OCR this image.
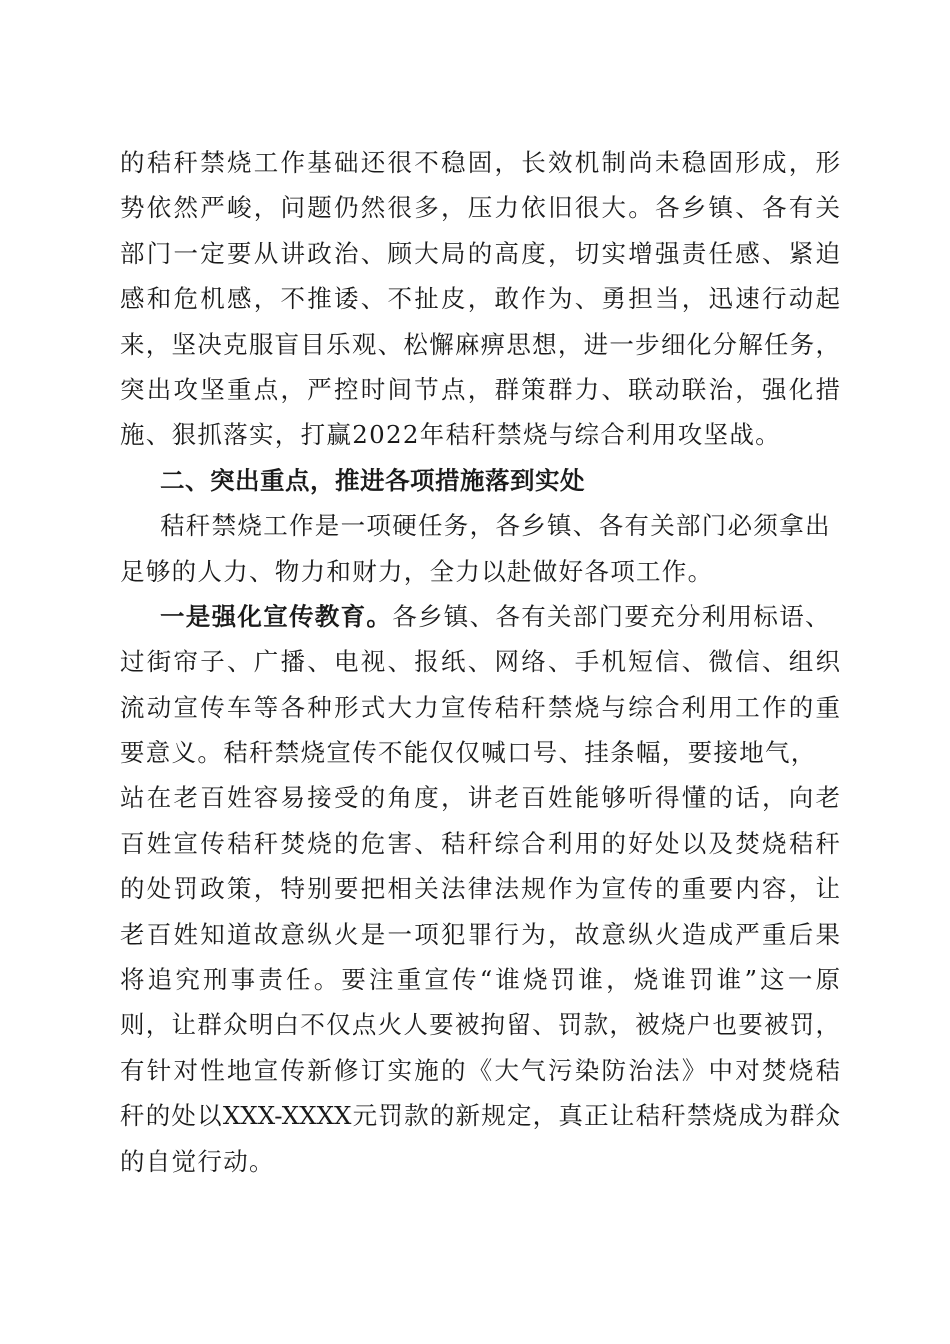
的秸秆禁烧工作基础还很不稳固，长效机制尚未稳固形成，形
势依然严峻，问题仍然很多，压力依旧很大。各乡镇、各有关
部门一定要从讲政治、顾大局的高度，切实增强责任感、紧迫
感和危机感，不推诿、不扯皮，敢作为、勇担当，迅速行动起
来，坚决克服盲目乐观、松懈麻痹思想，进一步细化分解任务，
突出攻坚重点，严控时间节点，群策群力、联动联治，强化措
施、狠抓落实，打赢2022年秸秆禁烧与综合利用攻坚战。
二、突出重点，推进各项措施落到实处
秸秆禁烧工作是一项硬任务，各乡镇、各有关部门必须拿出
足够的人力、物力和财力，全力以赴做好各项工作。
一是强化宣传教育。各乡镇、各有关部门要充分利用标语、
过街帘子、广播、电视、报纸、网络、手机短信、微信、组织
流动宣传车等各种形式大力宣传秸秆禁烧与综合利用工作的重
要意义。秸秆禁烧宣传不能仅仅喊口号、挂条幅，要接地气，
站在老百姓容易接受的角度，讲老百姓能够听得懂的话，向老
百姓宣传秸秆焚烧的危害、秸秆综合利用的好处以及焚烧秸秆
的处罚政策，特别要把相关法律法规作为宣传的重要内容，让
老百姓知道故意纵火是一项犯罪行为，故意纵火造成严重后果
将追究刑事责任。要注重宣传“谁烧罚谁，烧谁罚谁”这一原
则，让群众明白不仅点火人要被拘留、罚款，被烧户也要被罚，
有针对性地宣传新修订实施的《大气污染防治法》中对焚烧秸
秆的处以XXX-XXXX元罚款的新规定，真正让秸秆禁烧成为群众
的自觉行动。
